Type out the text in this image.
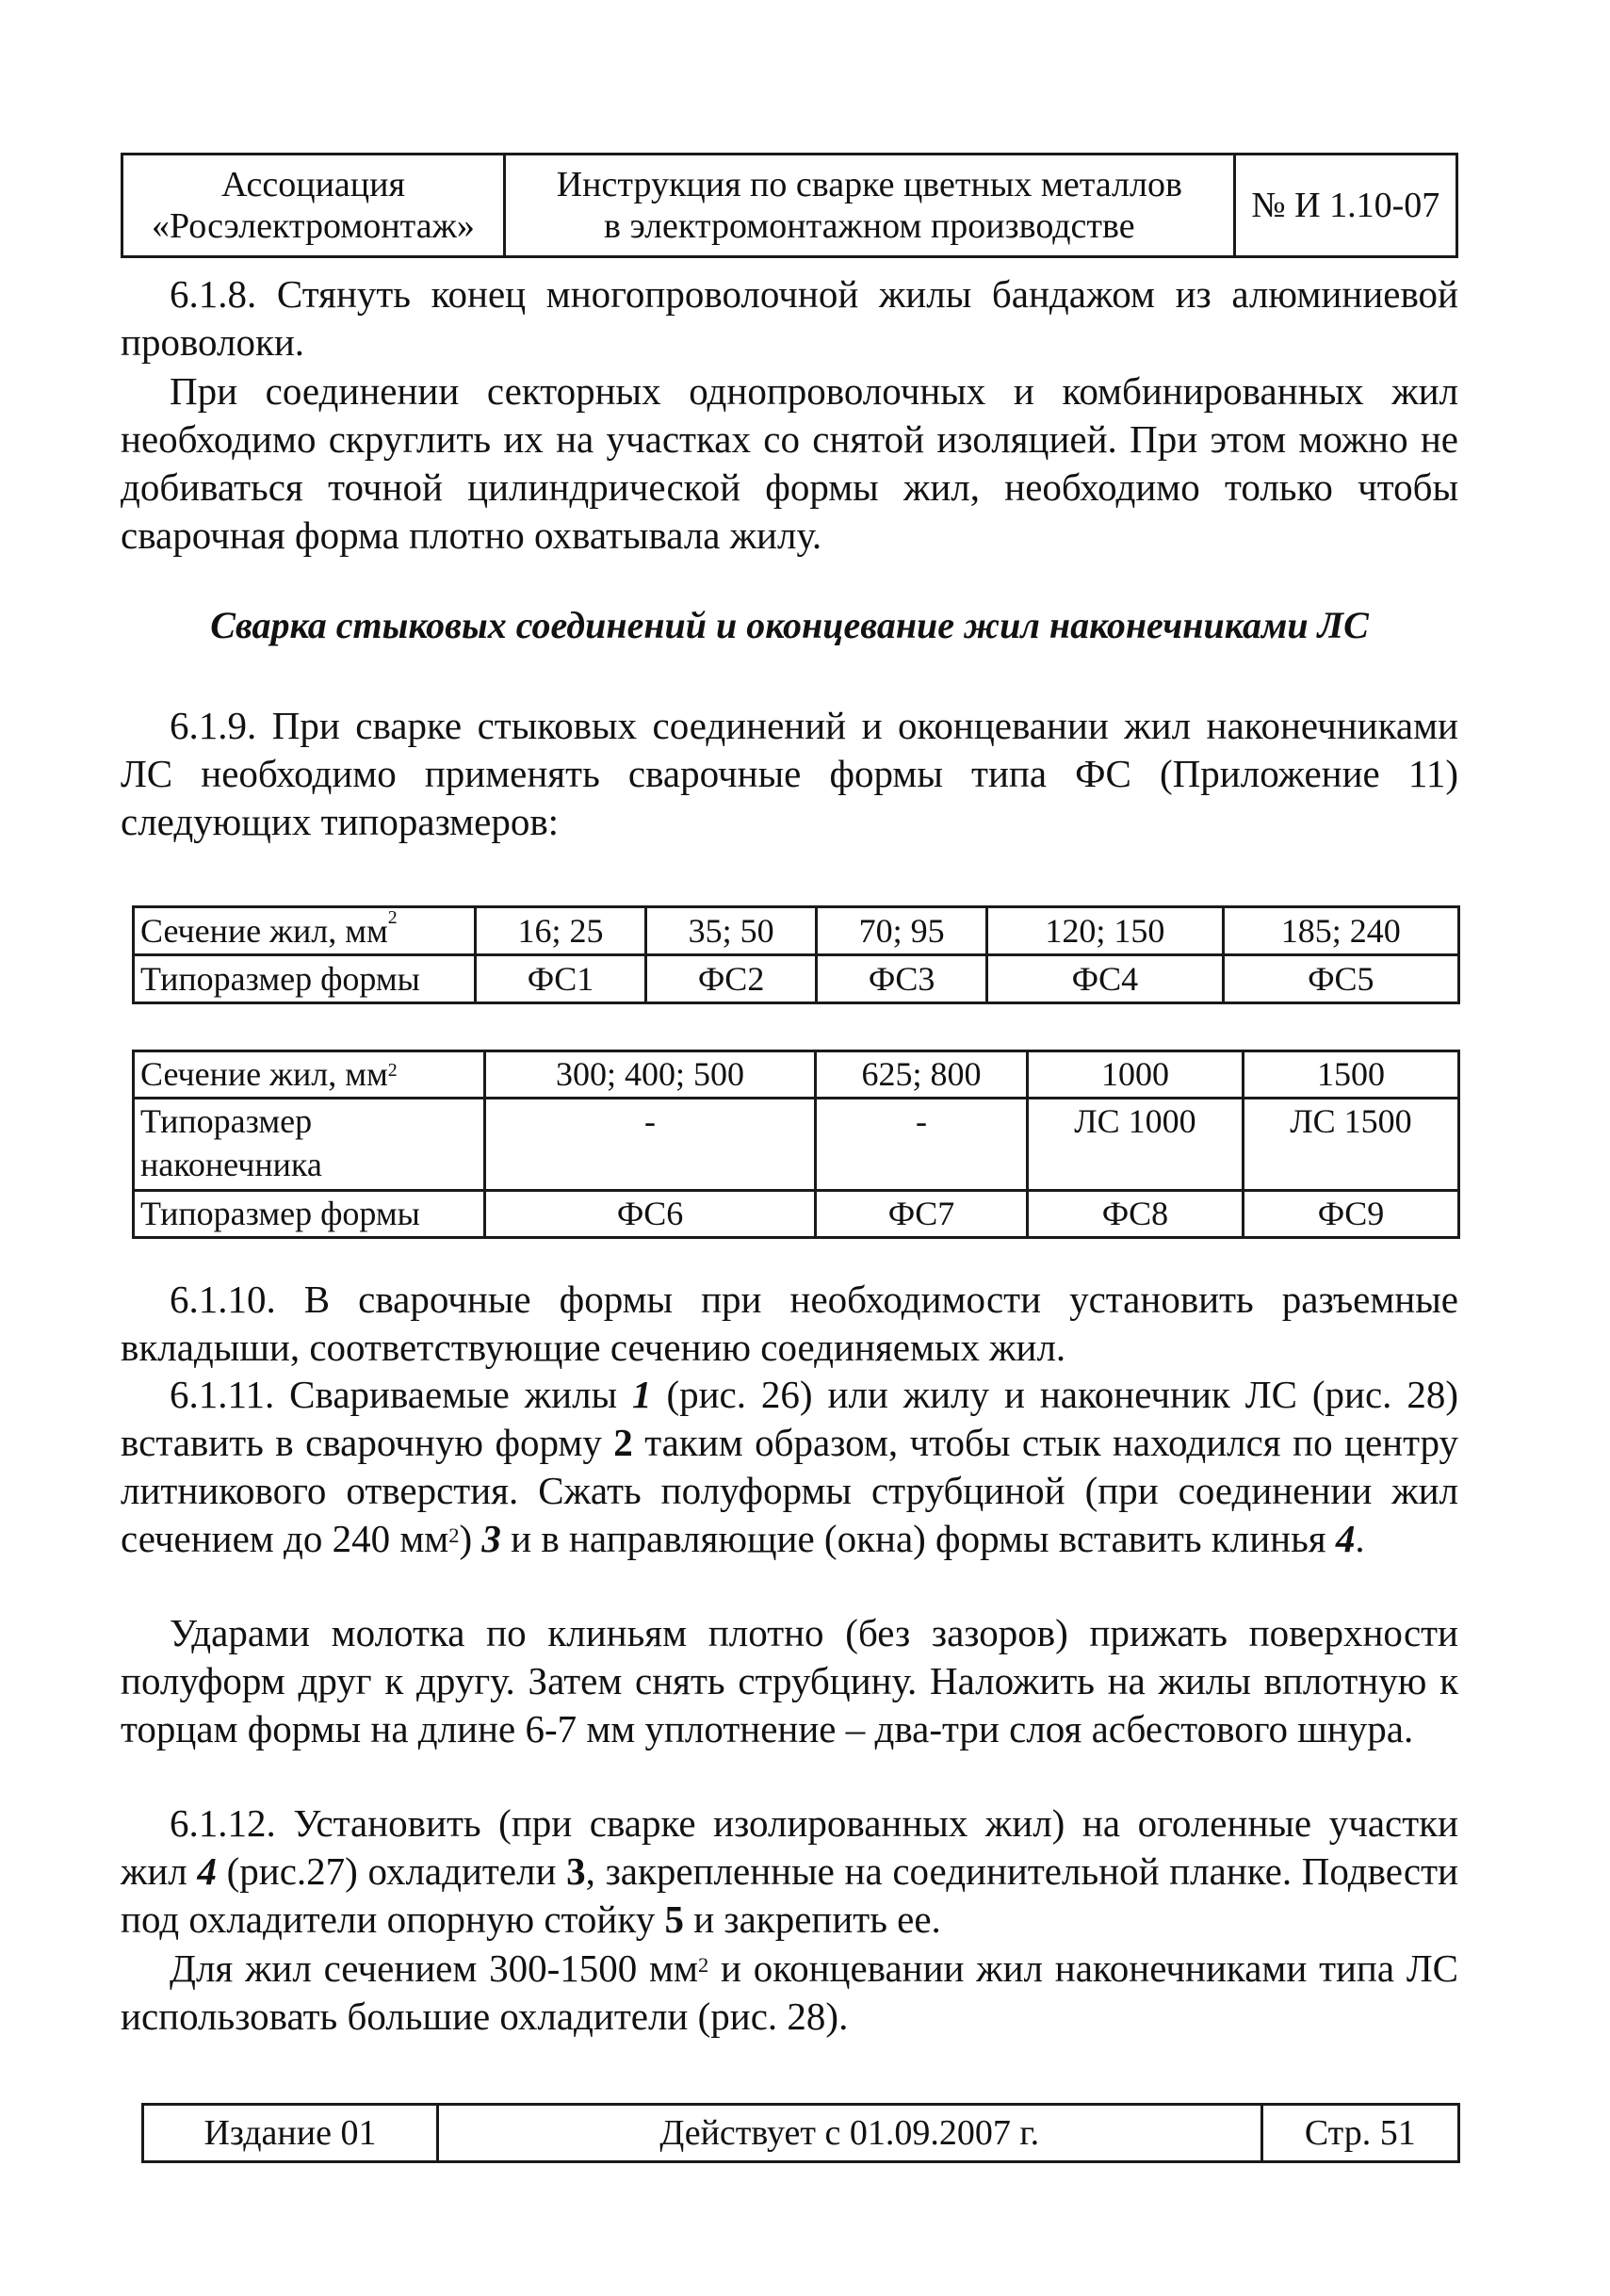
Ассоциация
«Росэлектромонтаж»

Инструкция по сварке цветных металлов
в электромонтажном производстве
	№ И 1.10-07

6.1.8. Стянуть конец многопроволочной жилы бандажом из алюминиевой проволоки.

При соединении секторных однопроволочных и комбинированных жил необходимо скруглить их на участках со снятой изоляцией. При этом можно не добиваться точной цилиндрической формы жил, необходимо только чтобы сварочная форма плотно охватывала жилу.

Сварка стыковых соединений и оконцевание жил наконечниками ЛС

6.1.9. При сварке стыковых соединений и оконцевании жил наконечниками ЛС необходимо применять сварочные формы типа ФС (Приложение 11) следующих типоразмеров:

Сечение жил, $мм^2$	16; 25	35; 50	70; 95	120; 150	185; 240
Типоразмер формы	ФС1	ФС2	ФС3	ФС4	ФС5
Сечение жил, $мм^2$	300; 400; 500	625; 800	1000	1500

Типоразмер
наконечника	-	-	ЛС 1000	ЛС 1500
Типоразмер формы	ФС6	ФС7	ФС8	ФС9

6.1.10. В сварочные формы при необходимости установить разъемные вкладыши, соответствующие сечению соединяемых жил.

6.1.11. Свариваемые жилы 1 (рис. 26) или жилу и наконечник ЛС (рис. 28) вставить в сварочную форму 2 таким образом, чтобы стык находился по центру литникового отверстия. Сжать полуформы струбциной (при соединении жил сечением до 240 $мм^2$) 3 и в направляющие (окна) формы вставить клинья 4.

Ударами молотка по клиньям плотно (без зазоров) прижать поверхности полуформ друг к другу. Затем снять струбцину. Наложить на жилы вплотную к торцам формы на длине 6-7 мм уплотнение – два-три слоя асбестового шнура.

6.1.12. Установить (при сварке изолированных жил) на оголенные участки жил 4 (рис.27) охладители 3, закрепленные на соединительной планке. Подвести под охладители опорную стойку 5 и закрепить ее.

Для жил сечением 300-1500 $мм^2$ и оконцевании жил наконечниками типа ЛС использовать большие охладители (рис. 28).

Издание 01	Действует с 01.09.2007 г.	Стр. 51
